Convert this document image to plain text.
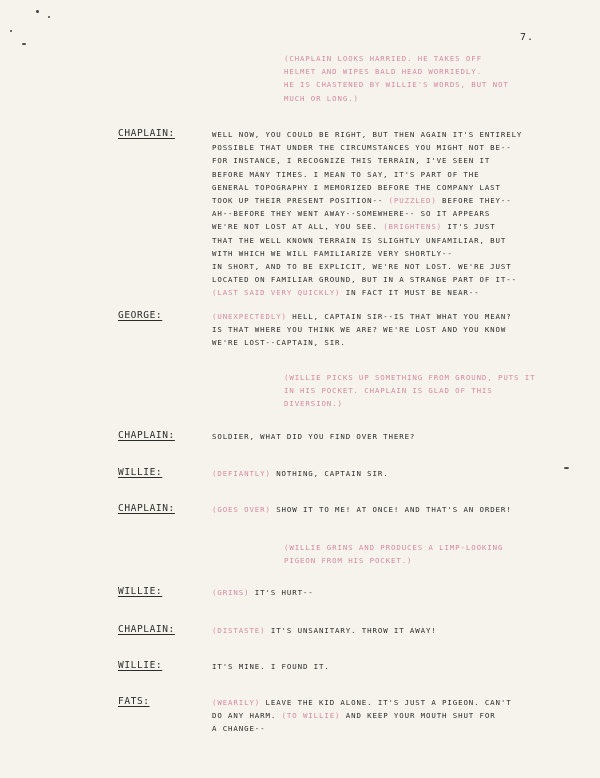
7.
(CHAPLAIN LOOKS HARRIED. HE TAKES OFF
HELMET AND WIPES BALD HEAD WORRIEDLY.
HE IS CHASTENED BY WILLIE'S WORDS, BUT NOT
MUCH OR LONG.)
CHAPLAIN:	WELL NOW, YOU COULD BE RIGHT, BUT THEN AGAIN IT'S ENTIRELY
POSSIBLE THAT UNDER THE CIRCUMSTANCES YOU MIGHT NOT BE--
FOR INSTANCE, I RECOGNIZE THIS TERRAIN, I'VE SEEN IT
BEFORE MANY TIMES. I MEAN TO SAY, IT'S PART OF THE
GENERAL TOPOGRAPHY I MEMORIZED BEFORE THE COMPANY LAST
TOOK UP THEIR PRESENT POSITION-- (PUZZLED) BEFORE THEY--
AH--BEFORE THEY WENT AWAY--SOMEWHERE-- SO IT APPEARS
WE'RE NOT LOST AT ALL, YOU SEE. (BRIGHTENS) IT'S JUST
THAT THE WELL KNOWN TERRAIN IS SLIGHTLY UNFAMILIAR, BUT
WITH WHICH WE WILL FAMILIARIZE VERY SHORTLY--
IN SHORT, AND TO BE EXPLICIT, WE'RE NOT LOST. WE'RE JUST
LOCATED ON FAMILIAR GROUND, BUT IN A STRANGE PART OF IT--
(LAST SAID VERY QUICKLY) IN FACT IT MUST BE NEAR--
GEORGE:	(UNEXPECTEDLY) HELL, CAPTAIN SIR--IS THAT WHAT YOU MEAN?
IS THAT WHERE YOU THINK WE ARE? WE'RE LOST AND YOU KNOW
WE'RE LOST--CAPTAIN, SIR.
(WILLIE PICKS UP SOMETHING FROM GROUND, PUTS IT
IN HIS POCKET. CHAPLAIN IS GLAD OF THIS
DIVERSION.)
CHAPLAIN:	SOLDIER, WHAT DID YOU FIND OVER THERE?
WILLIE:	(DEFIANTLY) NOTHING, CAPTAIN SIR.
CHAPLAIN:	(GOES OVER) SHOW IT TO ME! AT ONCE! AND THAT'S AN ORDER!
(WILLIE GRINS AND PRODUCES A LIMP-LOOKING
PIGEON FROM HIS POCKET.)
WILLIE:	(GRINS) IT'S HURT--
CHAPLAIN:	(DISTASTE) IT'S UNSANITARY. THROW IT AWAY!
WILLIE:	IT'S MINE. I FOUND IT.
FATS:	(WEARILY) LEAVE THE KID ALONE. IT'S JUST A PIGEON. CAN'T
DO ANY HARM. (TO WILLIE) AND KEEP YOUR MOUTH SHUT FOR
A CHANGE--
